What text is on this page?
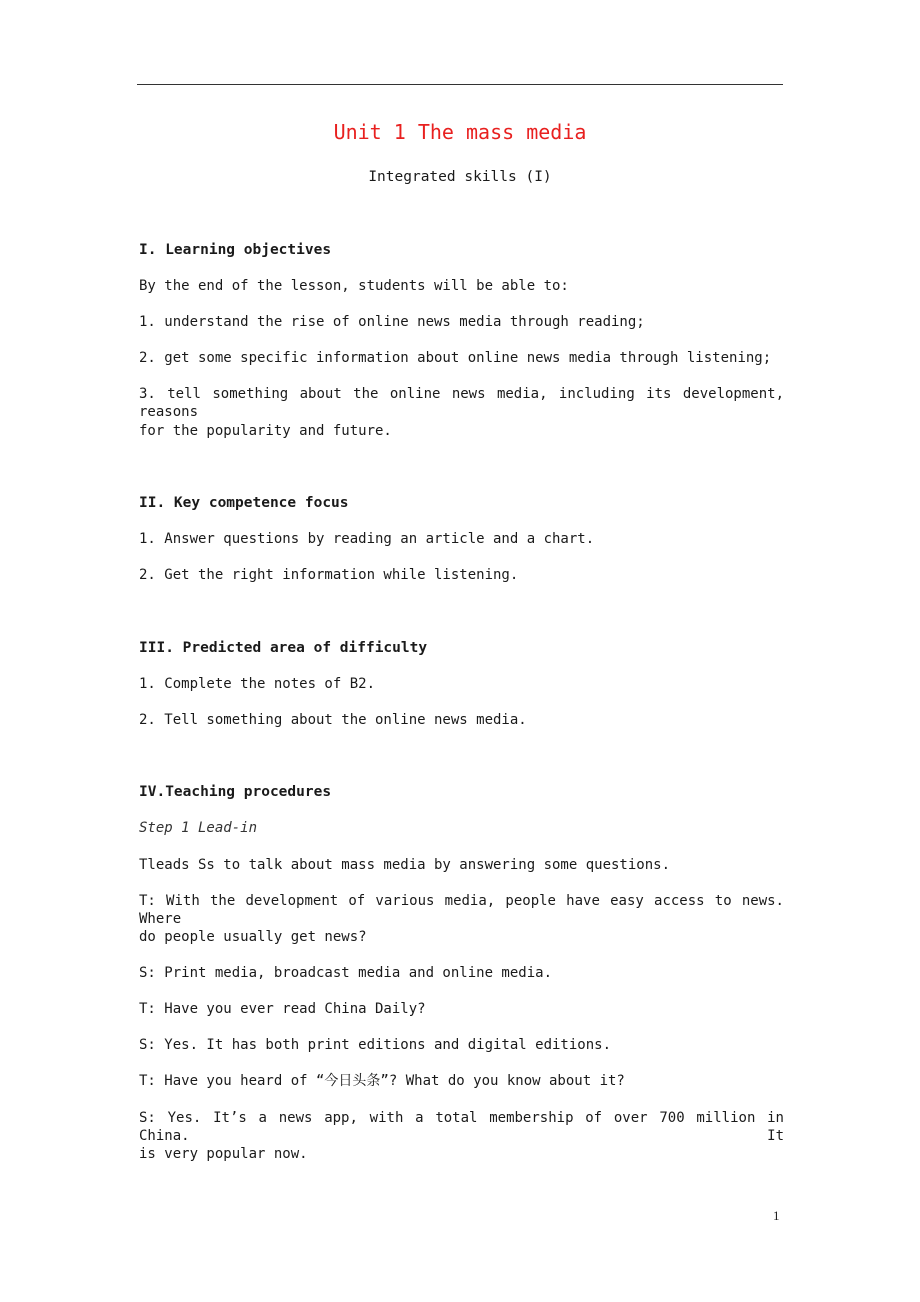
Unit 1 The mass media
Integrated skills (I)
I. Learning objectives
By the end of the lesson, students will be able to:
1. understand the rise of online news media through reading;
2. get some specific information about online news media through listening;
3. tell something about the online news media, including its development, reasons
for the popularity and future.
II. Key competence focus
1. Answer questions by reading an article and a chart.
2. Get the right information while listening.
III. Predicted area of difficulty
1. Complete the notes of B2.
2. Tell something about the online news media.
IV.Teaching procedures
Step 1 Lead-in
Tleads Ss to talk about mass media by answering some questions.
T: With the development of various media, people have easy access to news. Where
do people usually get news?
S: Print media, broadcast media and online media.
T: Have you ever read China Daily?
S: Yes. It has both print editions and digital editions.
T: Have you heard of “今日头条”? What do you know about it?
S: Yes. It’s a news app, with a total membership of over 700 million in China. It
is very popular now.
1
